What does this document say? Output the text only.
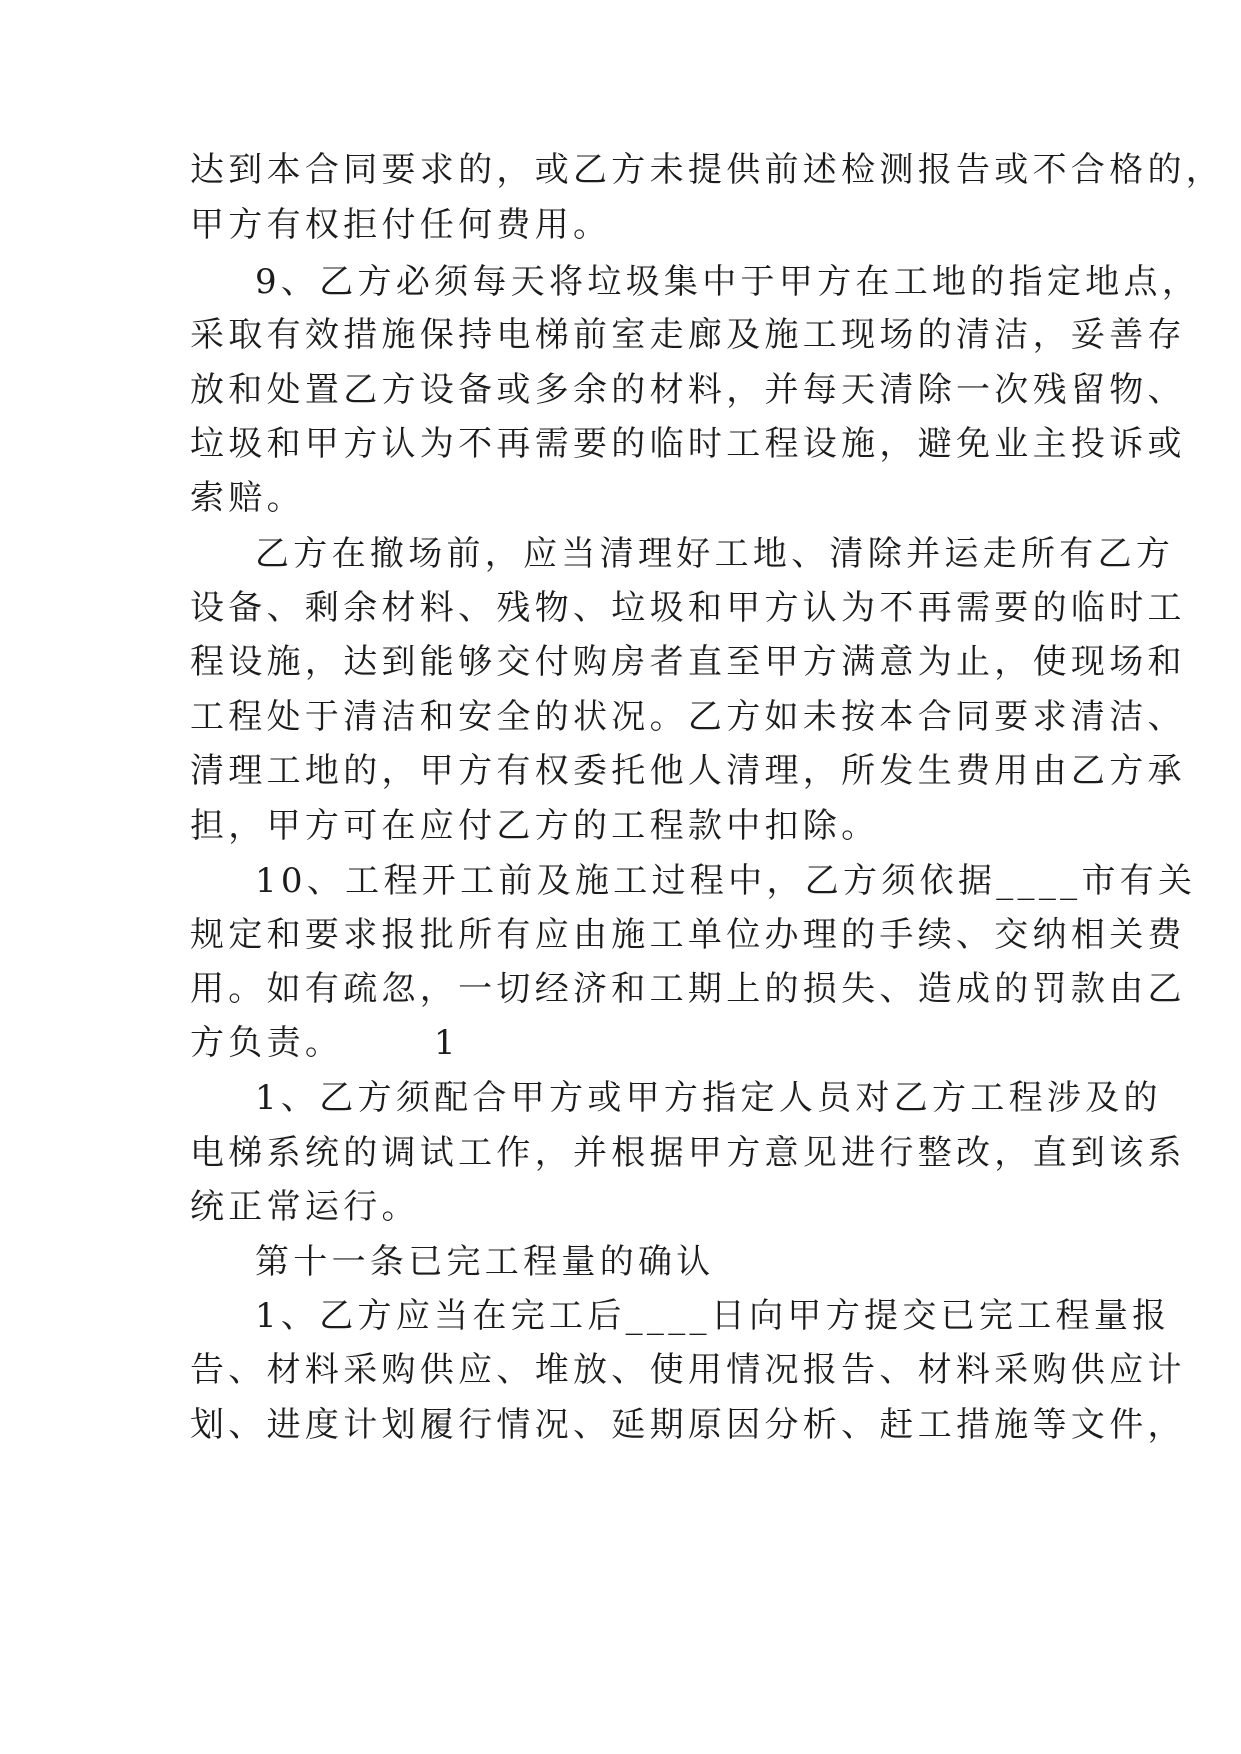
达到本合同要求的，或乙方未提供前述检测报告或不合格的，

甲方有权拒付任何费用。

9、乙方必须每天将垃圾集中于甲方在工地的指定地点，

采取有效措施保持电梯前室走廊及施工现场的清洁，妥善存

放和处置乙方设备或多余的材料，并每天清除一次残留物、

垃圾和甲方认为不再需要的临时工程设施，避免业主投诉或

索赔。

乙方在撤场前，应当清理好工地、清除并运走所有乙方

设备、剩余材料、残物、垃圾和甲方认为不再需要的临时工

程设施，达到能够交付购房者直至甲方满意为止，使现场和

工程处于清洁和安全的状况。乙方如未按本合同要求清洁、

清理工地的，甲方有权委托他人清理，所发生费用由乙方承

担，甲方可在应付乙方的工程款中扣除。

10、工程开工前及施工过程中，乙方须依据____市有关

规定和要求报批所有应由施工单位办理的手续、交纳相关费

用。如有疏忽，一切经济和工期上的损失、造成的罚款由乙

方负责。      1

1、乙方须配合甲方或甲方指定人员对乙方工程涉及的

电梯系统的调试工作，并根据甲方意见进行整改，直到该系

统正常运行。

第十一条已完工程量的确认

1、乙方应当在完工后____日向甲方提交已完工程量报

告、材料采购供应、堆放、使用情况报告、材料采购供应计

划、进度计划履行情况、延期原因分析、赶工措施等文件，
